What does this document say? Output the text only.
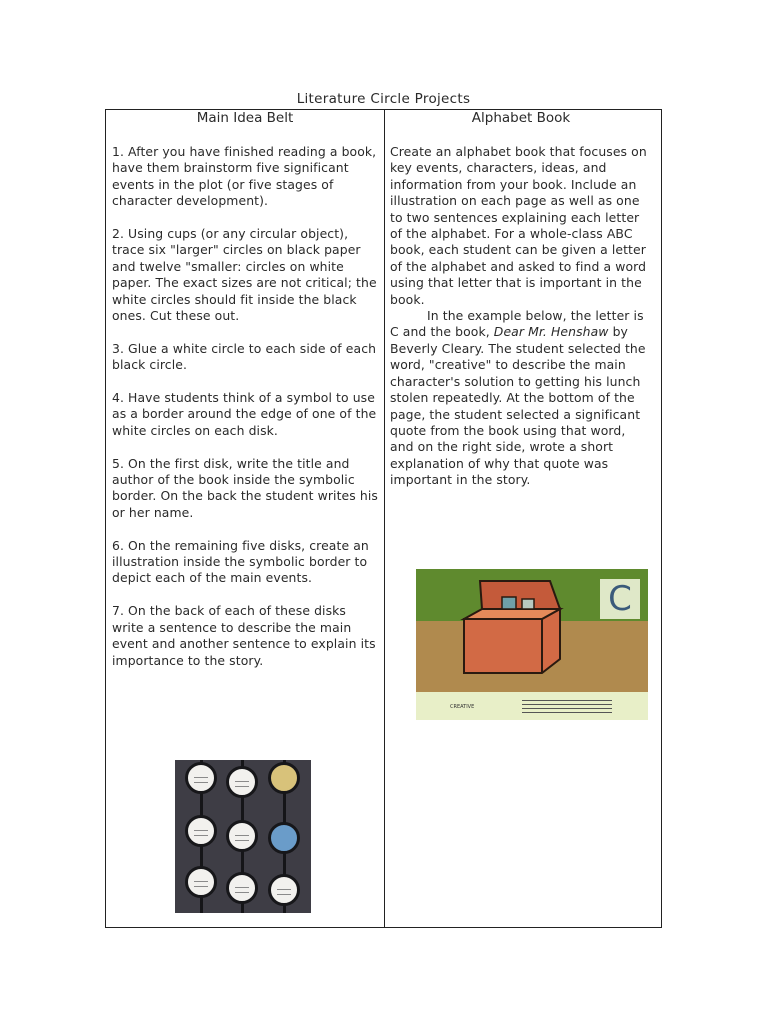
Literature Circle Projects
Main Idea Belt

1. After you have finished reading a book, have them brainstorm five significant events in the plot (or five stages of character development).

2. Using cups (or any circular object), trace six "larger" circles on black paper and twelve "smaller: circles on white paper. The exact sizes are not critical; the white circles should fit inside the black ones. Cut these out.

3. Glue a white circle to each side of each black circle.

4. Have students think of a symbol to use as a border around the edge of one of the white circles on each disk.

5. On the first disk, write the title and author of the book inside the symbolic border. On the back the student writes his or her name.

6. On the remaining five disks, create an illustration inside the symbolic border to depict each of the main events.

7. On the back of each of these disks write a sentence to describe the main event and another sentence to explain its importance to the story.

Alphabet Book

Create an alphabet book that focuses on key events, characters, ideas, and information from your book. Include an illustration on each page as well as one to two sentences explaining each letter of the alphabet. For a whole-class ABC book, each student can be given a letter of the alphabet and asked to find a word using that letter that is important in the book.

In the example below, the letter is C and the book, Dear Mr. Henshaw by Beverly Cleary. The student selected the word, "creative" to describe the main character's solution to getting his lunch stolen repeatedly. At the bottom of the page, the student selected a significant quote from the book using that word, and on the right side, wrote a short explanation of why that quote was important in the story.

C
CREATIVE
